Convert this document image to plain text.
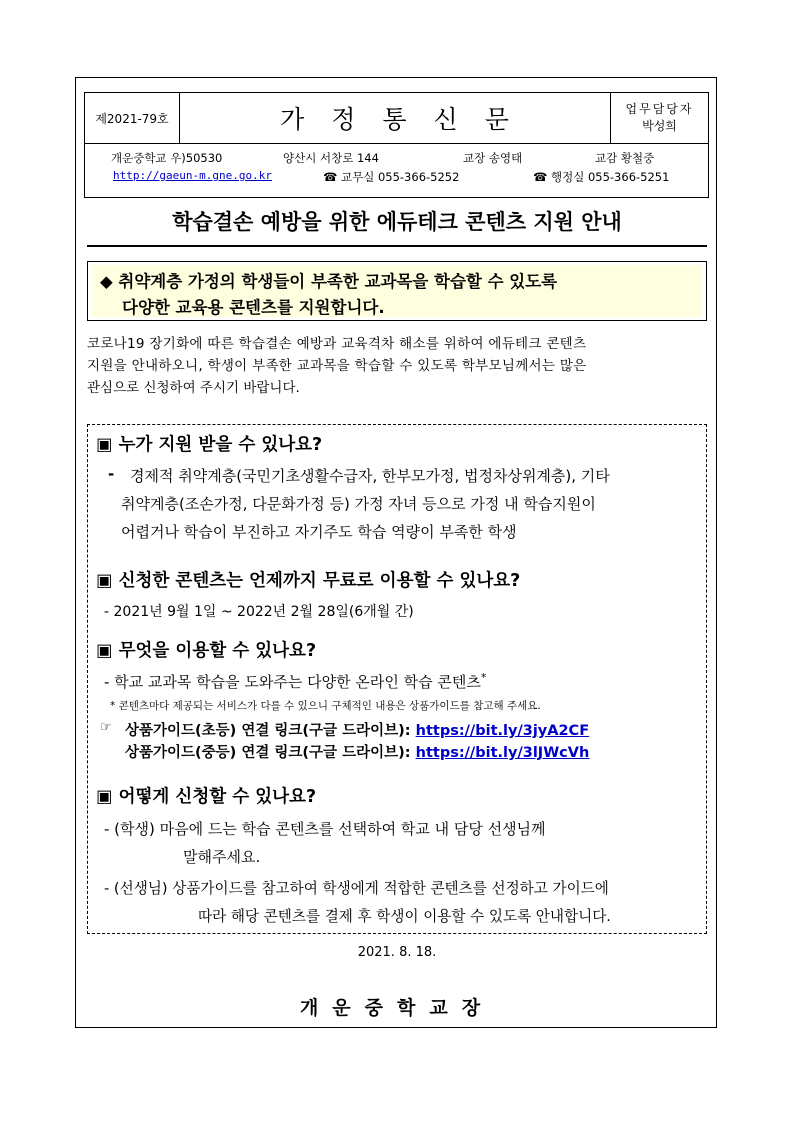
제2021-79호	가정통신문	업무담당자
박성희
개운중학교 우)50530	양산시 서창로 144	교장 송영태	교감 황철중
http://gaeun-m.gne.go.kr	☎ 교무실 055-366-5252	☎ 행정실 055-366-5251
학습결손 예방을 위한 에듀테크 콘텐츠 지원 안내
◆ 취약계층 가정의 학생들이 부족한 교과목을 학습할 수 있도록
다양한 교육용 콘텐츠를 지원합니다.
코로나19 장기화에 따른 학습결손 예방과 교육격차 해소를 위하여 에듀테크 콘텐츠
지원을 안내하오니, 학생이 부족한 교과목을 학습할 수 있도록 학부모님께서는 많은
관심으로 신청하여 주시기 바랍니다.
▣ 누가 지원 받을 수 있나요?
- 경제적 취약계층(국민기초생활수급자, 한부모가정, 법정차상위계층), 기타
취약계층(조손가정, 다문화가정 등) 가정 자녀 등으로 가정 내 학습지원이
어렵거나 학습이 부진하고 자기주도 학습 역량이 부족한 학생
▣ 신청한 콘텐츠는 언제까지 무료로 이용할 수 있나요?
- 2021년 9월 1일 ~ 2022년 2월 28일(6개월 간)
▣ 무엇을 이용할 수 있나요?
- 학교 교과목 학습을 도와주는 다양한 온라인 학습 콘텐츠*
* 콘텐츠마다 제공되는 서비스가 다를 수 있으니 구체적인 내용은 상품가이드를 참고해 주세요.
☞ 상품가이드(초등) 연결 링크(구글 드라이브): https://bit.ly/3jyA2CF
상품가이드(중등) 연결 링크(구글 드라이브): https://bit.ly/3lJWcVh
▣ 어떻게 신청할 수 있나요?
- (학생) 마음에 드는 학습 콘텐츠를 선택하여 학교 내 담당 선생님께
말해주세요.
- (선생님) 상품가이드를 참고하여 학생에게 적합한 콘텐츠를 선정하고 가이드에
따라 해당 콘텐츠를 결제 후 학생이 이용할 수 있도록 안내합니다.
2021. 8. 18.
개운중학교장
